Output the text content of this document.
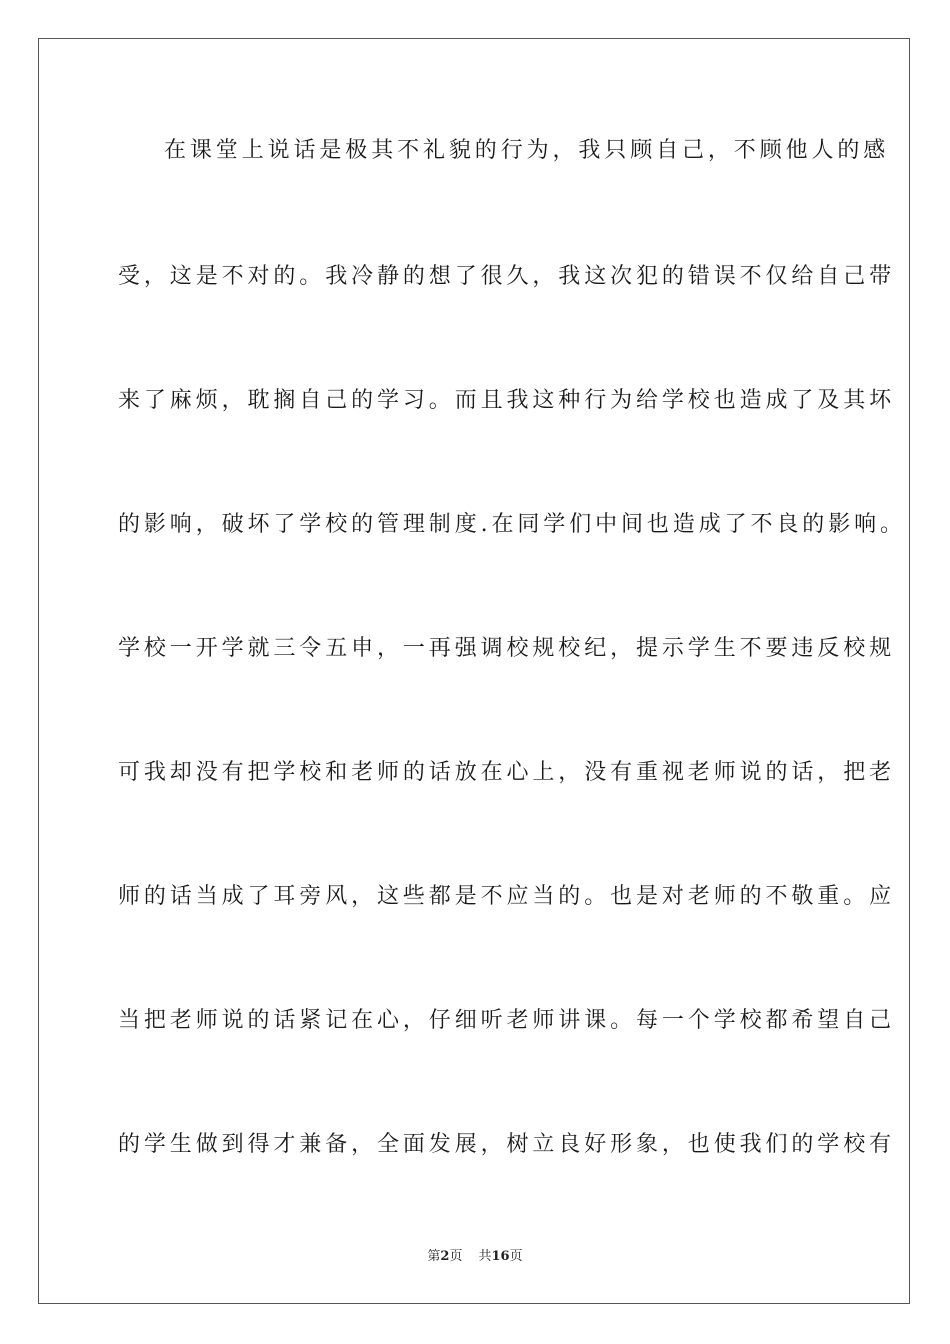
在课堂上说话是极其不礼貌的行为，我只顾自己，不顾他人的感
受，这是不对的。我冷静的想了很久，我这次犯的错误不仅给自己带
来了麻烦，耽搁自己的学习。而且我这种行为给学校也造成了及其坏
的影响，破坏了学校的管理制度.在同学们中间也造成了不良的影响。
学校一开学就三令五申，一再强调校规校纪，提示学生不要违反校规
可我却没有把学校和老师的话放在心上，没有重视老师说的话，把老
师的话当成了耳旁风，这些都是不应当的。也是对老师的不敬重。应
当把老师说的话紧记在心，仔细听老师讲课。每一个学校都希望自己
的学生做到得才兼备，全面发展，树立良好形象，也使我们的学校有
第2页 共16页
